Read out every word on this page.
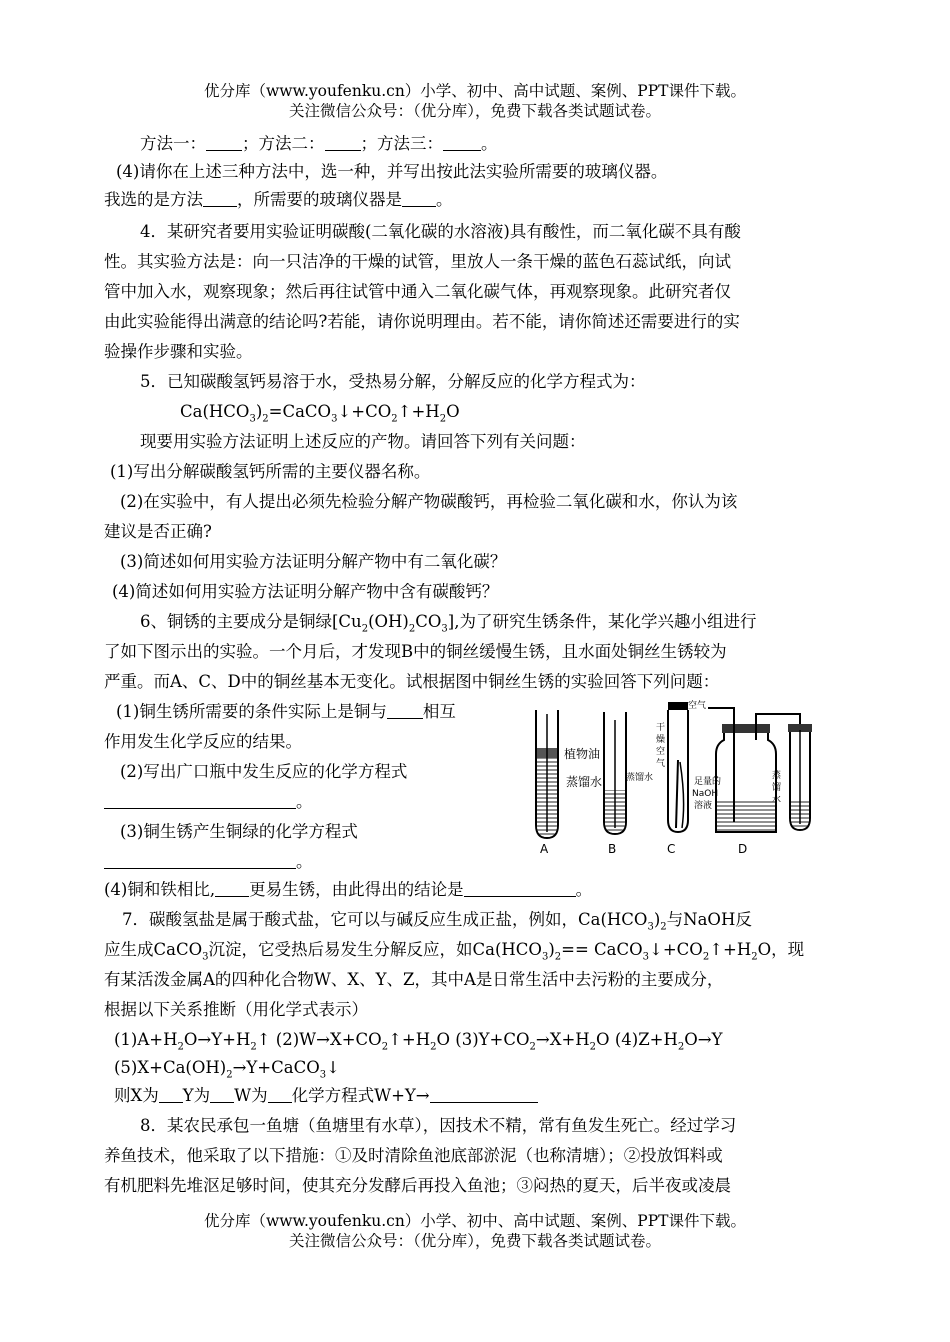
优分库（www.youfenku.cn）小学、初中、高中试题、案例、PPT课件下载。
关注微信公众号：（优分库），免费下载各类试题试卷。
方法一： ；方法二： ；方法三： 。
(4)请你在上述三种方法中，选一种，并写出按此法实验所需要的玻璃仪器。
我选的是方法 ，所需要的玻璃仪器是 。
4．某研究者要用实验证明碳酸(二氧化碳的水溶液)具有酸性，而二氧化碳不具有酸
性。其实验方法是：向一只洁净的干燥的试管，里放人一条干燥的蓝色石蕊试纸，向试
管中加入水，观察现象；然后再往试管中通入二氧化碳气体，再观察现象。此研究者仅
由此实验能得出满意的结论吗?若能，请你说明理由。若不能，请你简述还需要进行的实
验操作步骤和实验。
5．已知碳酸氢钙易溶于水，受热易分解，分解反应的化学方程式为：
$Ca(HCO_3)_2=CaCO_3↓+CO_2↑+H_2O$
现要用实验方法证明上述反应的产物。请回答下列有关问题：
(1)写出分解碳酸氢钙所需的主要仪器名称。
(2)在实验中，有人提出必须先检验分解产物碳酸钙，再检验二氧化碳和水，你认为该
建议是否正确?
(3)简述如何用实验方法证明分解产物中有二氧化碳？
(4)简述如何用实验方法证明分解产物中含有碳酸钙？
6、铜锈的主要成分是铜绿$[Cu_2(OH)_2CO_3]$,为了研究生锈条件，某化学兴趣小组进行
了如下图示出的实验。一个月后，才发现B中的铜丝缓慢生锈，且水面处铜丝生锈较为
严重。而A、C、D中的铜丝基本无变化。试根据图中铜丝生锈的实验回答下列问题：
(1)铜生锈所需要的条件实际上是铜与 相互
作用发生化学反应的结果。
(2)写出广口瓶中发生反应的化学方程式
。
(3)铜生锈产生铜绿的化学方程式
。
(4)铜和铁相比, 更易生锈，由此得出的结论是	。
植物油
蒸馏水	蒸馏水
干
燥
空
气
空气
足量的
NaOH
溶液
蒸
馏
水
A	B	C	D
7．碳酸氢盐是属于酸式盐，它可以与碱反应生成正盐，例如，$Ca(HCO_3)_2$与NaOH反
应生成CaCO$_3$沉淀，它受热后易发生分解反应，如$Ca(HCO_3)_2==$ $CaCO_3↓+CO_2↑+H_2O$，现
有某活泼金属A的四种化合物W、X、Y、Z，其中A是日常生活中去污粉的主要成分，
根据以下关系推断（用化学式表示）
$(1)A+H_2O\to Y+H_2↑$ $(2)W\to X+CO_2↑+H_2O$ $(3)Y+CO_2\to X+H_2O$ $(4)Z+H_2O\to Y$
$(5)X+Ca(OH)_2\to Y+CaCO_3↓$
则X为 Y为 W为 化学方程式W+Y→
8．某农民承包一鱼塘（鱼塘里有水草），因技术不精，常有鱼发生死亡。经过学习
养鱼技术，他采取了以下措施：①及时清除鱼池底部淤泥（也称清塘）；②投放饵料或
有机肥料先堆沤足够时间，使其充分发酵后再投入鱼池；③闷热的夏天，后半夜或凌晨
优分库（www.youfenku.cn）小学、初中、高中试题、案例、PPT课件下载。
关注微信公众号：（优分库），免费下载各类试题试卷。
